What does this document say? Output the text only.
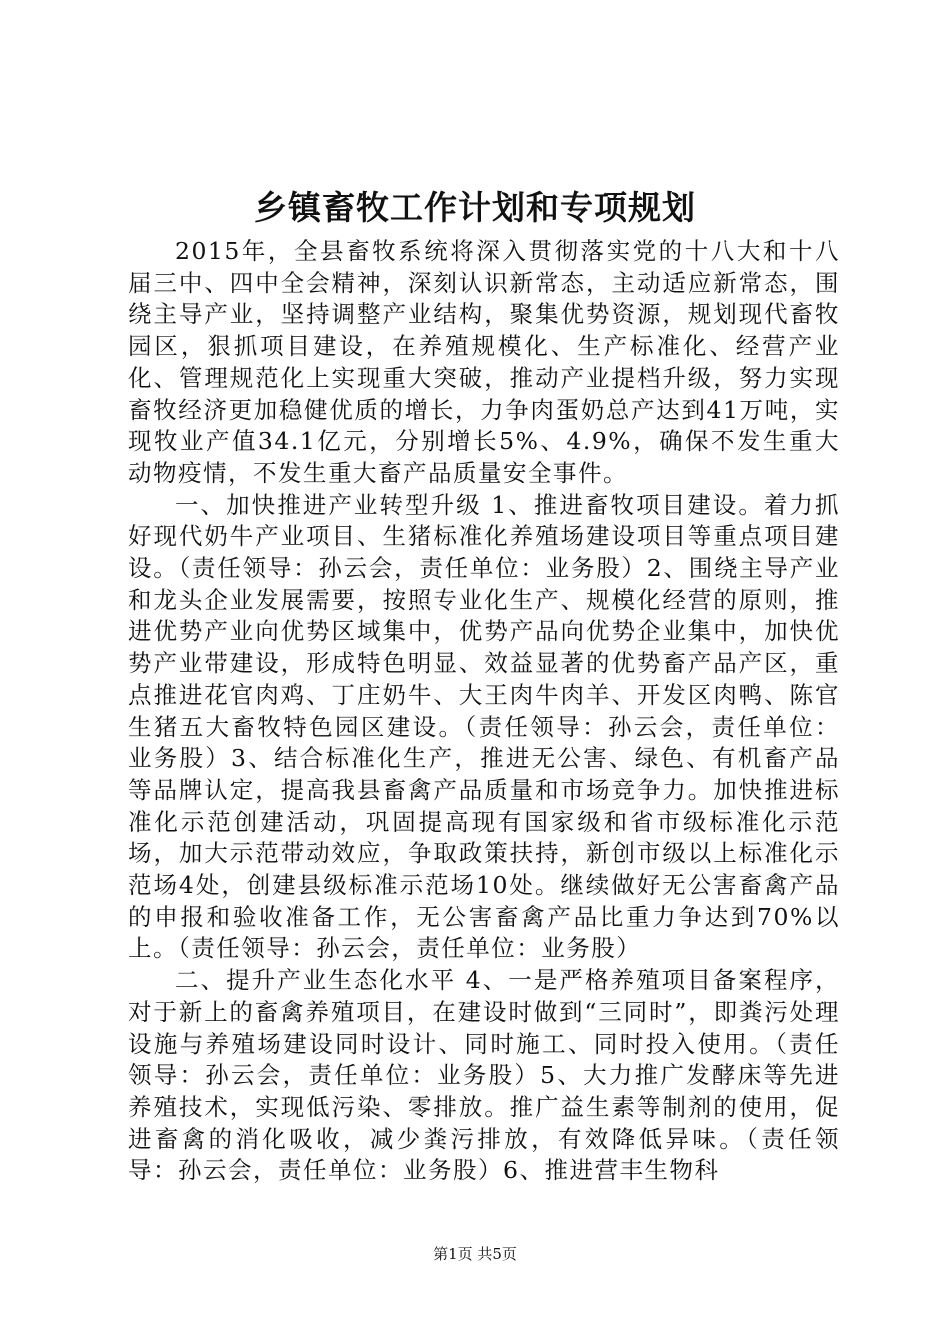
乡镇畜牧工作计划和专项规划

2015年，全县畜牧系统将深入贯彻落实党的十八大和十八届三中、四中全会精神，深刻认识新常态，主动适应新常态，围绕主导产业，坚持调整产业结构，聚集优势资源，规划现代畜牧园区，狠抓项目建设，在养殖规模化、生产标准化、经营产业化、管理规范化上实现重大突破，推动产业提档升级，努力实现畜牧经济更加稳健优质的增长，力争肉蛋奶总产达到41万吨，实现牧业产值34.1亿元，分别增长5%、4.9%，确保不发生重大动物疫情，不发生重大畜产品质量安全事件。

一、加快推进产业转型升级 1、推进畜牧项目建设。着力抓好现代奶牛产业项目、生猪标准化养殖场建设项目等重点项目建设。（责任领导：孙云会，责任单位：业务股）2、围绕主导产业和龙头企业发展需要，按照专业化生产、规模化经营的原则，推进优势产业向优势区域集中，优势产品向优势企业集中，加快优势产业带建设，形成特色明显、效益显著的优势畜产品产区，重点推进花官肉鸡、丁庄奶牛、大王肉牛肉羊、开发区肉鸭、陈官生猪五大畜牧特色园区建设。（责任领导：孙云会，责任单位：业务股）3、结合标准化生产，推进无公害、绿色、有机畜产品等品牌认定，提高我县畜禽产品质量和市场竞争力。加快推进标准化示范创建活动，巩固提高现有国家级和省市级标准化示范场，加大示范带动效应，争取政策扶持，新创市级以上标准化示范场4处，创建县级标准示范场10处。继续做好无公害畜禽产品的申报和验收准备工作，无公害畜禽产品比重力争达到70%以上。（责任领导：孙云会，责任单位：业务股）

二、提升产业生态化水平 4、一是严格养殖项目备案程序，对于新上的畜禽养殖项目，在建设时做到“三同时”，即粪污处理设施与养殖场建设同时设计、同时施工、同时投入使用。（责任领导：孙云会，责任单位：业务股）5、大力推广发酵床等先进养殖技术，实现低污染、零排放。推广益生素等制剂的使用，促进畜禽的消化吸收，减少粪污排放，有效降低异味。（责任领导：孙云会，责任单位：业务股）6、推进营丰生物科

第1页 共5页
